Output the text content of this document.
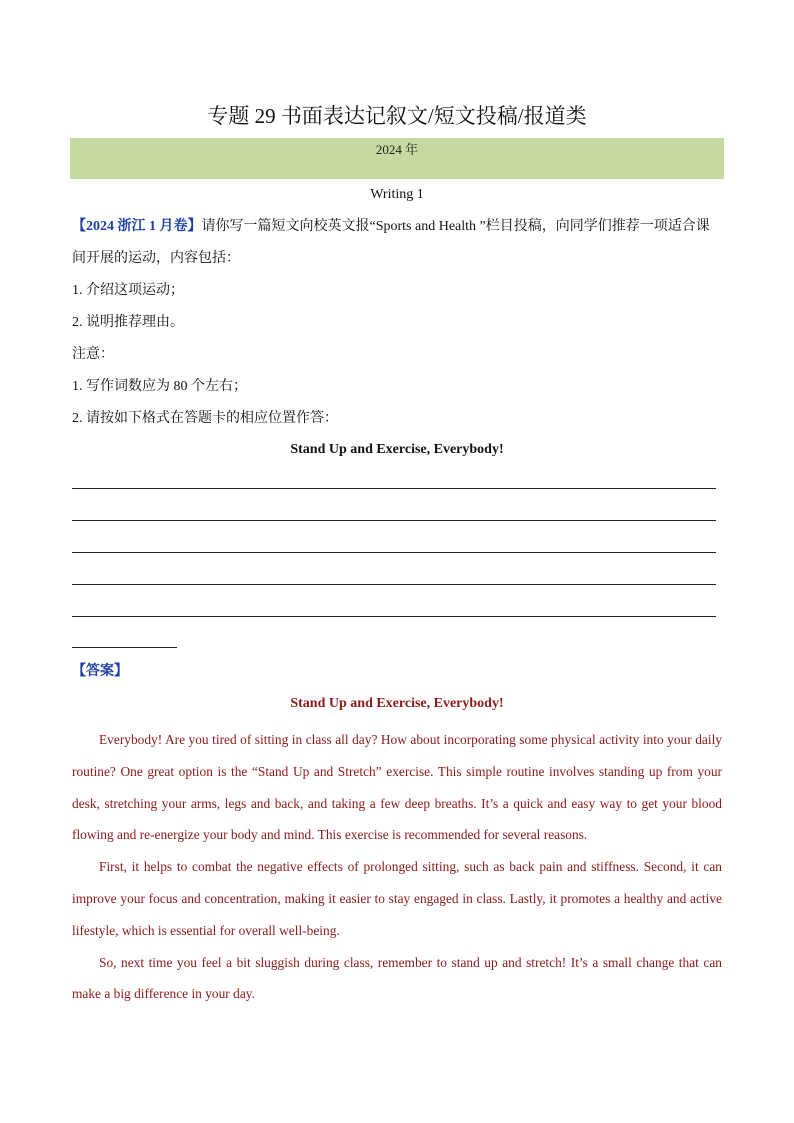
专题 29 书面表达记叙文/短文投稿/报道类
2024 年
Writing 1
【2024 浙江 1 月卷】请你写一篇短文向校英文报“Sports and Health ”栏目投稿，向同学们推荐一项适合课
间开展的运动，内容包括：
1. 介绍这项运动；
2. 说明推荐理由。
注意：
1. 写作词数应为 80 个左右；
2. 请按如下格式在答题卡的相应位置作答：
Stand Up and Exercise, Everybody!
【答案】
Stand Up and Exercise, Everybody!

Everybody! Are you tired of sitting in class all day? How about incorporating some physical activity into your daily routine? One great option is the “Stand Up and Stretch” exercise. This simple routine involves standing up from your desk, stretching your arms, legs and back, and taking a few deep breaths. It’s a quick and easy way to get your blood flowing and re-energize your body and mind. This exercise is recommended for several reasons.

First, it helps to combat the negative effects of prolonged sitting, such as back pain and stiffness. Second, it can improve your focus and concentration, making it easier to stay engaged in class. Lastly, it promotes a healthy and active lifestyle, which is essential for overall well-being.

So, next time you feel a bit sluggish during class, remember to stand up and stretch! It’s a small change that can make a big difference in your day.
